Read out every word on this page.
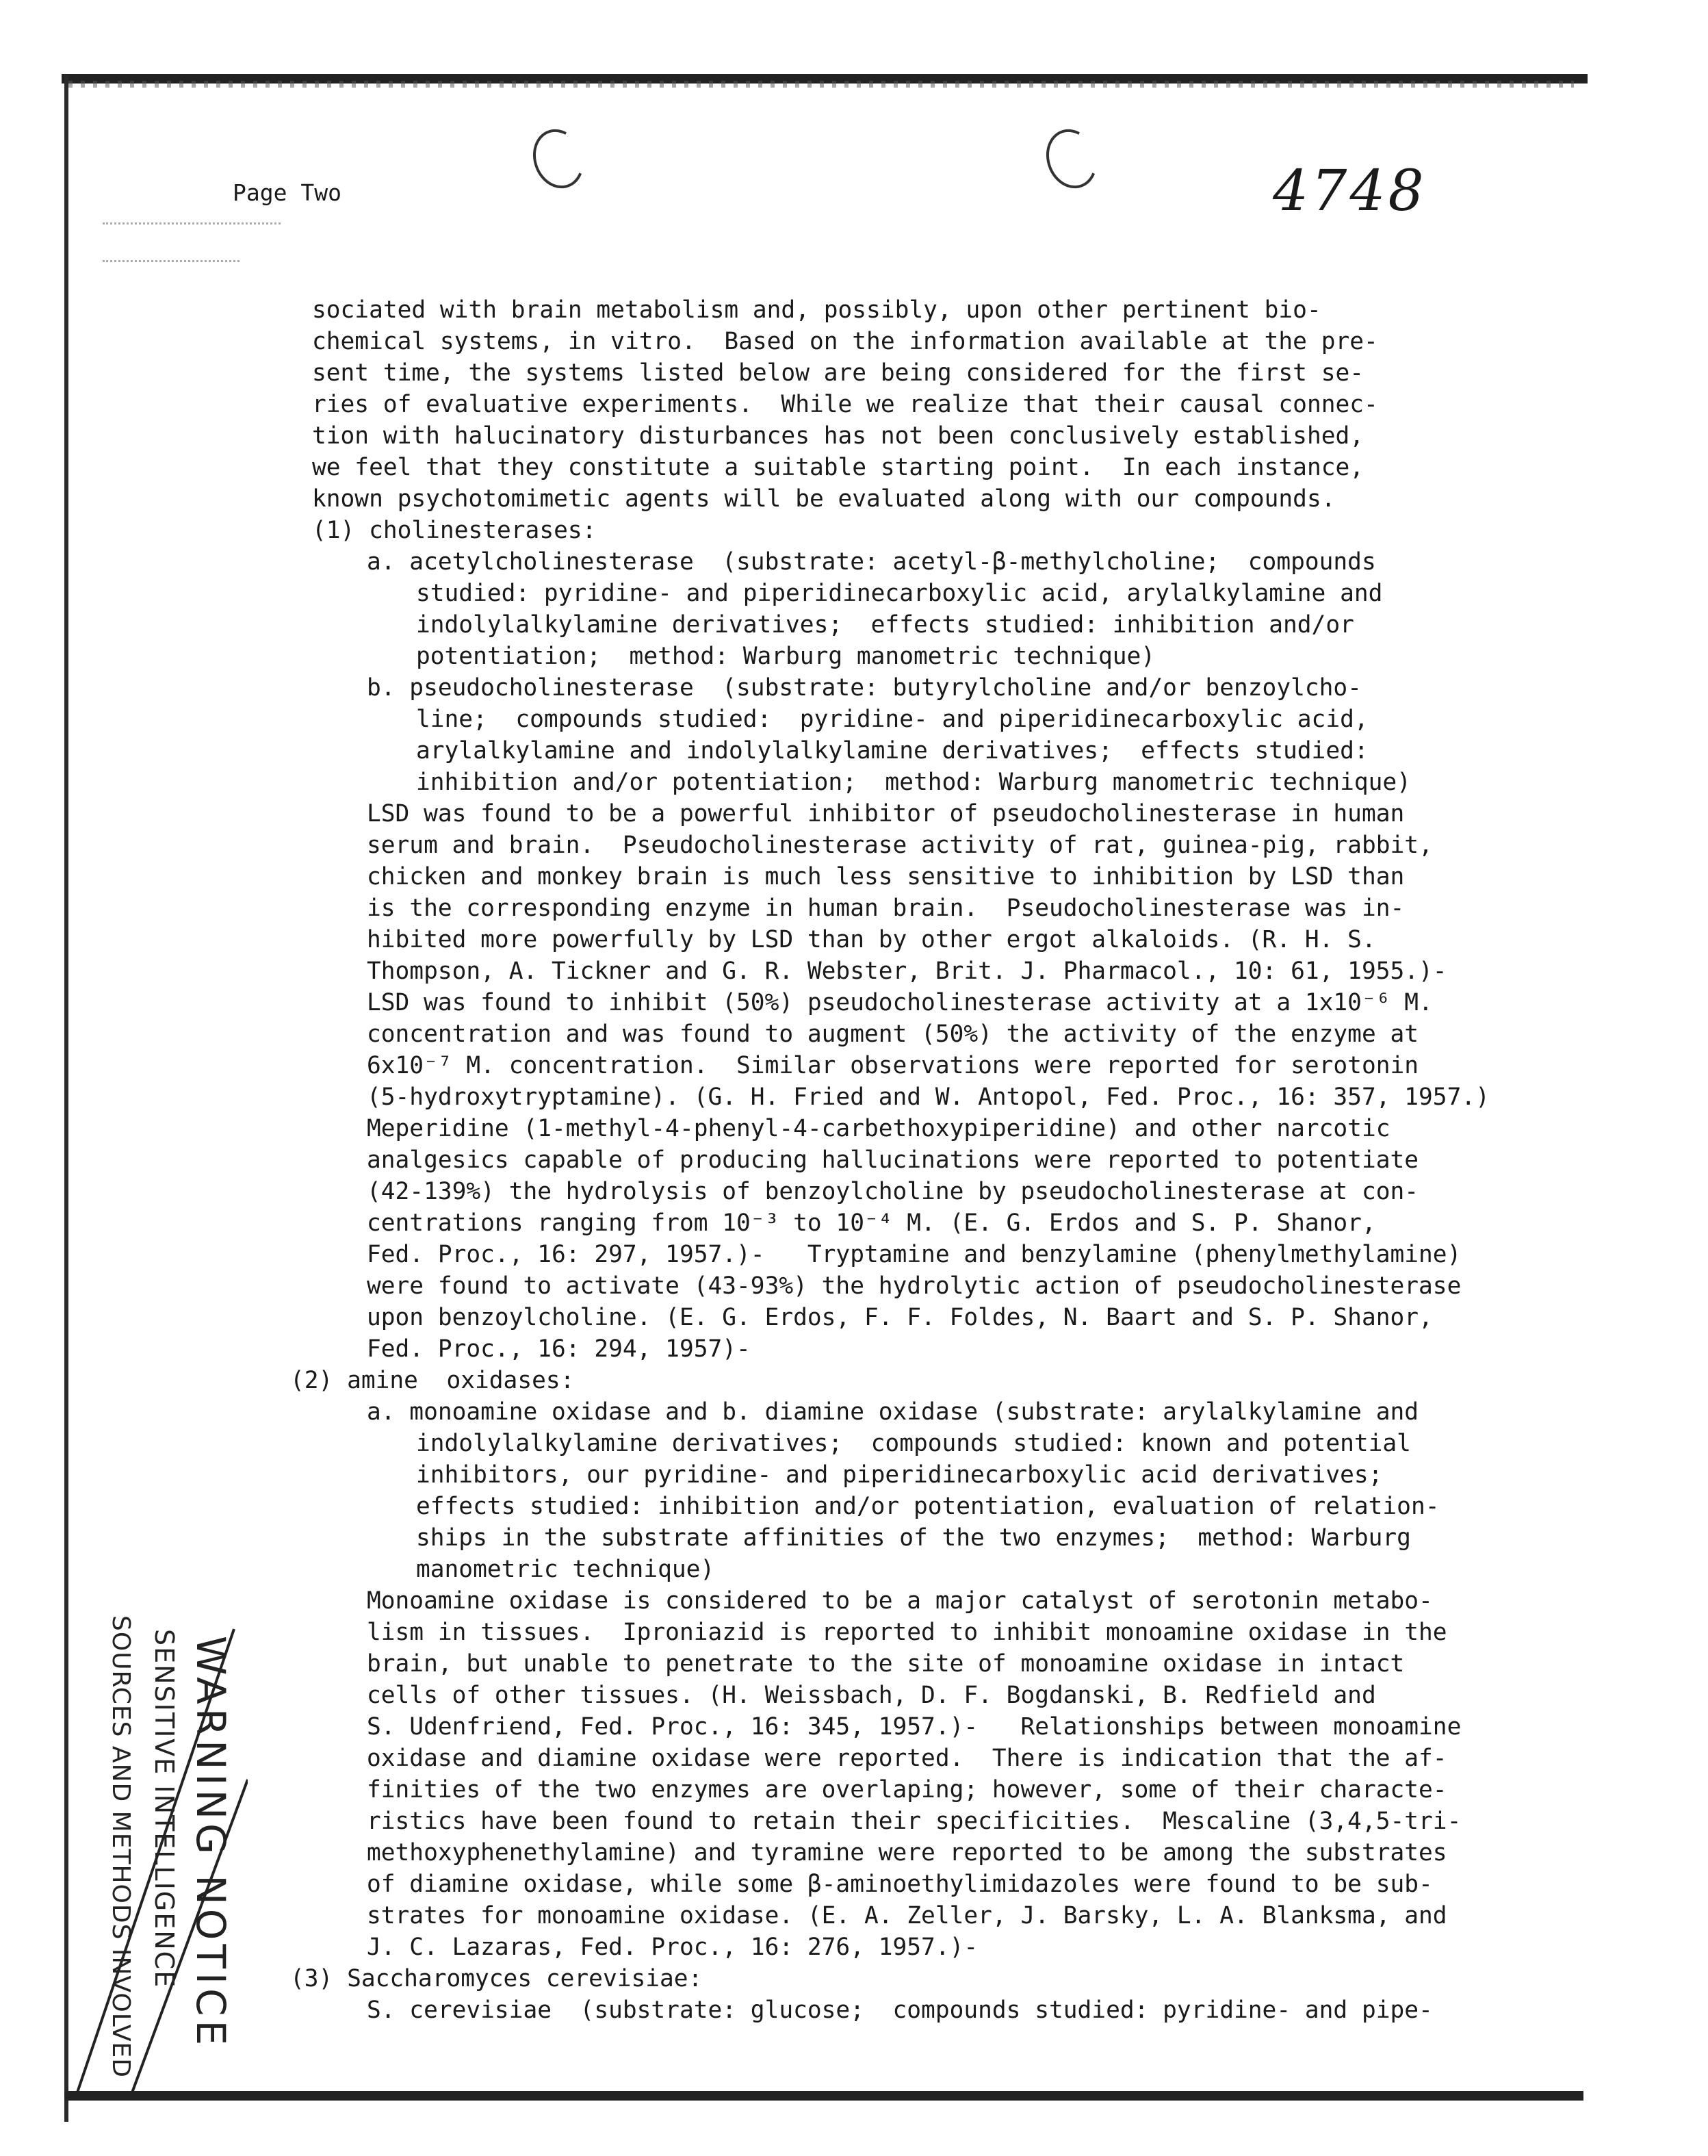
Page Two	4748
sociated with brain metabolism and, possibly, upon other pertinent bio-
chemical systems, in vitro.  Based on the information available at the pre-
sent time, the systems listed below are being considered for the first se-
ries of evaluative experiments.  While we realize that their causal connec-
tion with halucinatory disturbances has not been conclusively established,
we feel that they constitute a suitable starting point.  In each instance,
known psychotomimetic agents will be evaluated along with our compounds.
(1) cholinesterases:
a. acetylcholinesterase  (substrate: acetyl-β-methylcholine;  compounds
studied: pyridine- and piperidinecarboxylic acid, arylalkylamine and
indolylalkylamine derivatives;  effects studied: inhibition and/or
potentiation;  method: Warburg manometric technique)
b. pseudocholinesterase  (substrate: butyrylcholine and/or benzoylcho-
line;  compounds studied:  pyridine- and piperidinecarboxylic acid,
arylalkylamine and indolylalkylamine derivatives;  effects studied:
inhibition and/or potentiation;  method: Warburg manometric technique)
LSD was found to be a powerful inhibitor of pseudocholinesterase in human
serum and brain.  Pseudocholinesterase activity of rat, guinea-pig, rabbit,
chicken and monkey brain is much less sensitive to inhibition by LSD than
is the corresponding enzyme in human brain.  Pseudocholinesterase was in-
hibited more powerfully by LSD than by other ergot alkaloids. (R. H. S.
Thompson, A. Tickner and G. R. Webster, Brit. J. Pharmacol., 10: 61, 1955.)-
LSD was found to inhibit (50%) pseudocholinesterase activity at a 1x10⁻⁶ M.
concentration and was found to augment (50%) the activity of the enzyme at
6x10⁻⁷ M. concentration.  Similar observations were reported for serotonin
(5-hydroxytryptamine). (G. H. Fried and W. Antopol, Fed. Proc., 16: 357, 1957.)
Meperidine (1-methyl-4-phenyl-4-carbethoxypiperidine) and other narcotic
analgesics capable of producing hallucinations were reported to potentiate
(42-139%) the hydrolysis of benzoylcholine by pseudocholinesterase at con-
centrations ranging from 10⁻³ to 10⁻⁴ M. (E. G. Erdos and S. P. Shanor,
Fed. Proc., 16: 297, 1957.)-   Tryptamine and benzylamine (phenylmethylamine)
were found to activate (43-93%) the hydrolytic action of pseudocholinesterase
upon benzoylcholine. (E. G. Erdos, F. F. Foldes, N. Baart and S. P. Shanor,
Fed. Proc., 16: 294, 1957)-
(2) amine  oxidases:
a. monoamine oxidase and b. diamine oxidase (substrate: arylalkylamine and
indolylalkylamine derivatives;  compounds studied: known and potential
inhibitors, our pyridine- and piperidinecarboxylic acid derivatives;
effects studied: inhibition and/or potentiation, evaluation of relation-
ships in the substrate affinities of the two enzymes;  method: Warburg
manometric technique)
Monoamine oxidase is considered to be a major catalyst of serotonin metabo-
lism in tissues.  Iproniazid is reported to inhibit monoamine oxidase in the
brain, but unable to penetrate to the site of monoamine oxidase in intact
cells of other tissues. (H. Weissbach, D. F. Bogdanski, B. Redfield and
S. Udenfriend, Fed. Proc., 16: 345, 1957.)-   Relationships between monoamine
oxidase and diamine oxidase were reported.  There is indication that the af-
finities of the two enzymes are overlaping; however, some of their characte-
ristics have been found to retain their specificities.  Mescaline (3,4,5-tri-
methoxyphenethylamine) and tyramine were reported to be among the substrates
of diamine oxidase, while some β-aminoethylimidazoles were found to be sub-
strates for monoamine oxidase. (E. A. Zeller, J. Barsky, L. A. Blanksma, and
J. C. Lazaras, Fed. Proc., 16: 276, 1957.)-
(3) Saccharomyces cerevisiae:
S. cerevisiae  (substrate: glucose;  compounds studied: pyridine- and pipe-
WARNING NOTICE
SENSITIVE INTELLIGENCE
SOURCES AND METHODS INVOLVED
